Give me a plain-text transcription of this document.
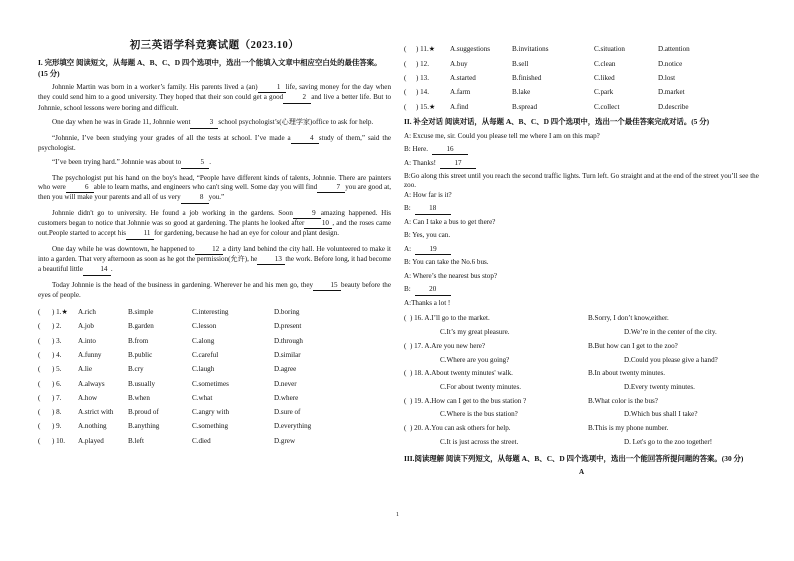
初三英语学科竞赛试题（2023.10）
I. 完形填空 阅读短文，从每题 A、B、C、D 四个选项中，选出一个能填入文章中相应空白处的最佳答案。(15 分)

Johnnie Martin was born in a worker’s family. His parents lived a (an)	1 life, saving money for the day when they could send him to a good university. They hoped that their son could get a good	2 and live a better life. But to Johnnie, school lessons were boring and difficult.

One day when he was in Grade 11, Johnnie went	3 school psychologist’s(心理学家)office to ask for help.

“Johnnie, I’ve been studying your grades of all the tests at school. I’ve made a	4 study of them,” said the psychologist.

“I’ve been trying hard.” Johnnie was about to	5 .

The psychologist put his hand on the boy's head, “People have different kinds of talents, Johnnie. There are painters who were	6 able to learn maths, and engineers who can't sing well. Some day you will find	7 you are good at, then you will make your parents and all of us very	8 you.”

Johnnie didn't go to university. He found a job working in the gardens. Soon	9 amazing happened. His customers began to notice that Johnnie was so good at gardening. The plants he looked after 10 , and the roses came out.People started to accept his 11 for gardening, because he had an eye for colour and plant design.

One day while he was downtown, he happened to 12 a dirty land behind the city hall. He volunteered to make it into a garden. That very afternoon as soon as he got the permission(允许), he 13 the work. Before long, it had become a beautiful little 14 .

Today Johnnie is the head of the business in gardening. Wherever he and his men go, they 15 beauty before the eyes of people.

(	) 1.★	A.rich	B.simple	C.interesting	D.boring
(	) 2.	A.job	B.garden	C.lesson	D.present
(	) 3.	A.into	B.from	C.along	D.through
(	) 4.	A.funny	B.public	C.careful	D.similar
(	) 5.	A.lie	B.cry	C.laugh	D.agree
(	) 6.	A.always	B.usually	C.sometimes	D.never
(	) 7.	A.how	B.when	C.what	D.where
(	) 8.	A.strict with	B.proud of	C.angry with	D.sure of
(	) 9.	A.nothing	B.anything	C.something	D.everything
(	) 10.	A.played	B.left	C.died	D.grew
(	) 11.★	A.suggestions	B.invitations	C.situation	D.attention
(	) 12.	A.buy	B.sell	C.clean	D.notice
(	) 13.	A.started	B.finished	C.liked	D.lost
(	) 14.	A.farm	B.lake	C.park	D.market
(	) 15.★	A.find	B.spread	C.collect	D.describe
II. 补全对话 阅读对话，从每题 A、B、C、D 四个选项中，选出一个最佳答案完成对话。(5 分)
A: Excuse me, sir. Could you please tell me where I am on this map?
B: Here.	16
A: Thanks!	17
B:Go along this street until you reach the second traffic lights. Turn left. Go straight and at the end of the street you’ll see the zoo.
A: How far is it?
B:	18
A: Can I take a bus to get there?
B: Yes, you can.
A:	19
B: You can take the No.6 bus.
A: Where’s the nearest bus stop?
B:	20
A:Thanks a lot !
( ) 16. A.I’ll go to the market.	B.Sorry, I don’t know,either.
C.It’s my great pleasure.	D.We’re in the center of the city.
( ) 17. A.Are you new here?	B.But how can I get to the zoo?
C.Where are you going?	D.Could you please give a hand?
( ) 18. A.About twenty minutes' walk.	B.In about twenty minutes.
C.For about twenty minutes.	D.Every twenty minutes.
( ) 19. A.How can I get to the bus station ?	B.What color is the bus?
C.Where is the bus station?	D.Which bus shall I take?
( ) 20. A.You can ask others for help.	B.This is my phone number.
C.It is just across the street.	D. Let's go to the zoo together!
III.阅读理解 阅读下列短文，从每题 A、B、C、D 四个选项中，选出一个能回答所提问题的答案。(30 分)
A
1
